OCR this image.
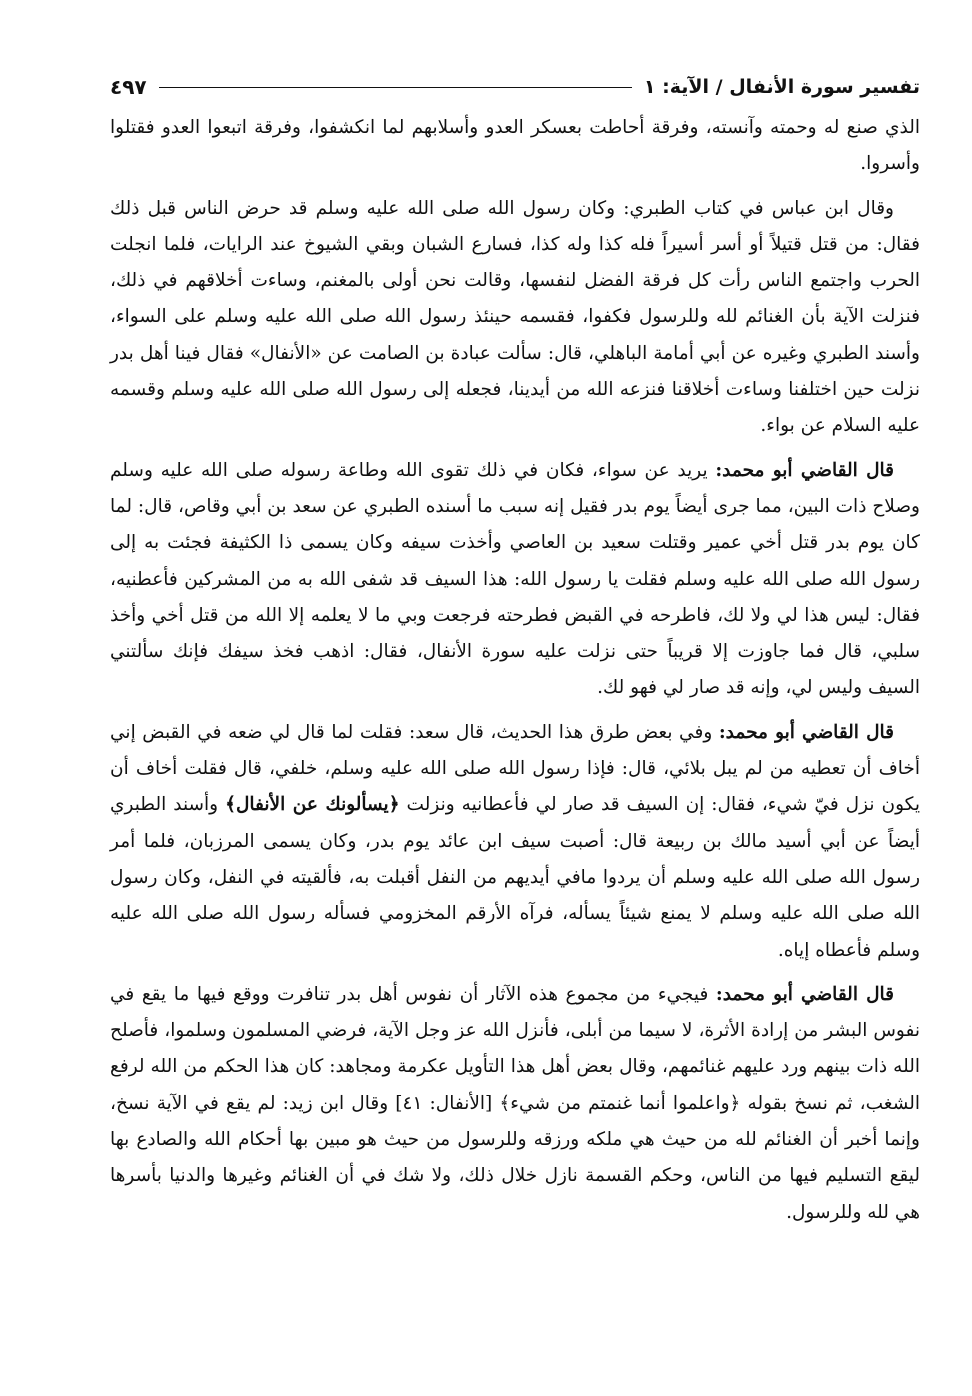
تفسير سورة الأنفال / الآية: ١
٤٩٧

الذي صنع له وحمته وآنسته، وفرقة أحاطت بعسكر العدو وأسلابهم لما انكشفوا، وفرقة اتبعوا العدو فقتلوا وأسروا.

وقال ابن عباس في كتاب الطبري: وكان رسول الله صلى الله عليه وسلم قد حرض الناس قبل ذلك فقال: من قتل قتيلاً أو أسر أسيراً فله كذا وله كذا، فسارع الشبان وبقي الشيوخ عند الرايات، فلما انجلت الحرب واجتمع الناس رأت كل فرقة الفضل لنفسها، وقالت نحن أولى بالمغنم، وساءت أخلاقهم في ذلك، فنزلت الآية بأن الغنائم لله وللرسول فكفوا، فقسمه حينئذ رسول الله صلى الله عليه وسلم على السواء، وأسند الطبري وغيره عن أبي أمامة الباهلي، قال: سألت عبادة بن الصامت عن «الأنفال» فقال فينا أهل بدر نزلت حين اختلفنا وساءت أخلاقنا فنزعه الله من أيدينا، فجعله إلى رسول الله صلى الله عليه وسلم وقسمه عليه السلام عن بواء.

قال القاضي أبو محمد: يريد عن سواء، فكان في ذلك تقوى الله وطاعة رسوله صلى الله عليه وسلم وصلاح ذات البين، مما جرى أيضاً يوم بدر فقيل إنه سبب ما أسنده الطبري عن سعد بن أبي وقاص، قال: لما كان يوم بدر قتل أخي عمير وقتلت سعيد بن العاصي وأخذت سيفه وكان يسمى ذا الكثيفة فجئت به إلى رسول الله صلى الله عليه وسلم فقلت يا رسول الله: هذا السيف قد شفى الله به من المشركين فأعطنيه، فقال: ليس هذا لي ولا لك، فاطرحه في القبض فطرحته فرجعت وبي ما لا يعلمه إلا الله من قتل أخي وأخذ سلبي، قال فما جاوزت إلا قريباً حتى نزلت عليه سورة الأنفال، فقال: اذهب فخذ سيفك فإنك سألتني السيف وليس لي، وإنه قد صار لي فهو لك.

قال القاضي أبو محمد: وفي بعض طرق هذا الحديث، قال سعد: فقلت لما قال لي ضعه في القبض إني أخاف أن تعطيه من لم يبل بلائي، قال: فإذا رسول الله صلى الله عليه وسلم، خلفي، قال فقلت أخاف أن يكون نزل فيّ شيء، فقال: إن السيف قد صار لي فأعطانيه ونزلت ﴿يسألونك عن الأنفال﴾ وأسند الطبري أيضاً عن أبي أسيد مالك بن ربيعة قال: أصبت سيف ابن عائد يوم بدر، وكان يسمى المرزبان، فلما أمر رسول الله صلى الله عليه وسلم أن يردوا مافي أيديهم من النفل أقبلت به، فألقيته في النفل، وكان رسول الله صلى الله عليه وسلم لا يمنع شيئاً يسأله، فرآه الأرقم المخزومي فسأله رسول الله صلى الله عليه وسلم فأعطاه إياه.

قال القاضي أبو محمد: فيجيء من مجموع هذه الآثار أن نفوس أهل بدر تنافرت ووقع فيها ما يقع في نفوس البشر من إرادة الأثرة، لا سيما من أبلى، فأنزل الله عز وجل الآية، فرضي المسلمون وسلموا، فأصلح الله ذات بينهم ورد عليهم غنائمهم، وقال بعض أهل هذا التأويل عكرمة ومجاهد: كان هذا الحكم من الله لرفع الشغب، ثم نسخ بقوله ﴿واعلموا أنما غنمتم من شيء﴾ [الأنفال: ٤١] وقال ابن زيد: لم يقع في الآية نسخ، وإنما أخبر أن الغنائم لله من حيث هي ملكه ورزقه وللرسول من حيث هو مبين بها أحكام الله والصادع بها ليقع التسليم فيها من الناس، وحكم القسمة نازل خلال ذلك، ولا شك في أن الغنائم وغيرها والدنيا بأسرها هي لله وللرسول.
